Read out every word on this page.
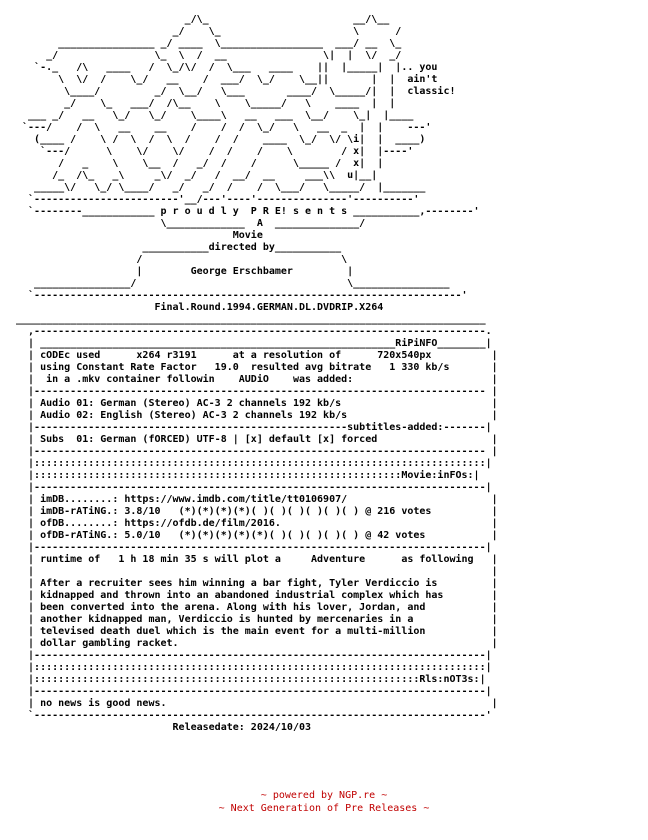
_/\_                        __/\__
_/    \_                      \      /
________________ _/ ____  \_________________  ___/ __  \_
_/                \_  \  /  __                \|  |  \/  _/
`-._   /\   ____   /  \_/\/  /  \___   ____    ||  |_____|  |.. you
\  \/  /    \_/   __    /  ___/  \_/    \__||       |  |  ain't
\____/         _/  \__/   \___       ____/  \_____/|  |  classic!
_/    \_   ___/  /\__    \    \_____/   \    ____  |  |
___ _/   __   \_/   \_/    \____\   __   ___  \__/    \_|  |____
`---/    /  \   __    __    /    /  /  \_/   \   __  _  |  |    ---'
(____ /    \ /  \  /  \  /    /  /    ____  \_/  \/ \i|  |  ____)
`---/      \    \/    \/    /  /    /    \        / x|  |----'
/   _    \    \__  /   _/  /    /      \_____ /  x|  |
/_  /\_   _\     _\/  _/   /  __/  __     ___\\  u|__|
_____\/   \_/ \____/   _/   _/  /    /  \___/   \_____/  |_______
`------------------------'__/---'----'---------------'----------'
`--------____________ p r o u d l y  P R E! s e n t s ___________,--------'
\_____________  A  ______________/
Movie
___________directed by___________
/                                 \
|        George Erschbamer         |
________________/                                   \________________
`-----------------------------------------------------------------------'
Final.Round.1994.GERMAN.DL.DVDRIP.X264
______________________________________________________________________________
,---------------------------------------------------------------------------.
| ___________________________________________________________RiPiNFO________|
| cODEc used      x264 r3191      at a resolution of      720x540px          |
| using Constant Rate Factor   19.0  resulted avg bitrate   1 330 kb/s       |
|  in a .mkv container followin    AUDiO    was added:                       |
|--------------------------------------------------------------------------- |
| Audio 01: German (Stereo) AC-3 2 channels 192 kb/s                         |
| Audio 02: English (Stereo) AC-3 2 channels 192 kb/s                        |
|----------------------------------------------------subtitles-added:-------|
| Subs  01: German (fORCED) UTF-8 | [x] default [x] forced                   |
|--------------------------------------------------------------------------- |
|:::::::::::::::::::::::::::::::::::::::::::::::::::::::::::::::::::::::::::|
|:::::::::::::::::::::::::::::::::::::::::::::::::::::::::::::Movie:inFOs:|
|---------------------------------------------------------------------------|
| imDB........: https://www.imdb.com/title/tt0106907/                        |
| imDB-rATiNG.: 3.8/10   (*)(*)(*)(*)( )( )( )( )( )( ) @ 216 votes          |
| ofDB........: https://ofdb.de/film/2016.                                   |
| ofDB-rATiNG.: 5.0/10   (*)(*)(*)(*)(*)( )( )( )( )( ) @ 42 votes           |
|---------------------------------------------------------------------------|
| runtime of   1 h 18 min 35 s will plot a     Adventure      as following   |
|                                                                            |
| After a recruiter sees him winning a bar fight, Tyler Verdiccio is         |
| kidnapped and thrown into an abandoned industrial complex which has        |
| been converted into the arena. Along with his lover, Jordan, and           |
| another kidnapped man, Verdiccio is hunted by mercenaries in a             |
| televised death duel which is the main event for a multi-million           |
| dollar gambling racket.                                                    |
|---------------------------------------------------------------------------|
|:::::::::::::::::::::::::::::::::::::::::::::::::::::::::::::::::::::::::::|
|::::::::::::::::::::::::::::::::::::::::::::::::::::::::::::::::Rls:nOT3s:|
|---------------------------------------------------------------------------|
| no news is good news.                                                      |
`---------------------------------------------------------------------------'
Releasedate: 2024/10/03
~ powered by NGP.re ~
~ Next Generation of Pre Releases ~
